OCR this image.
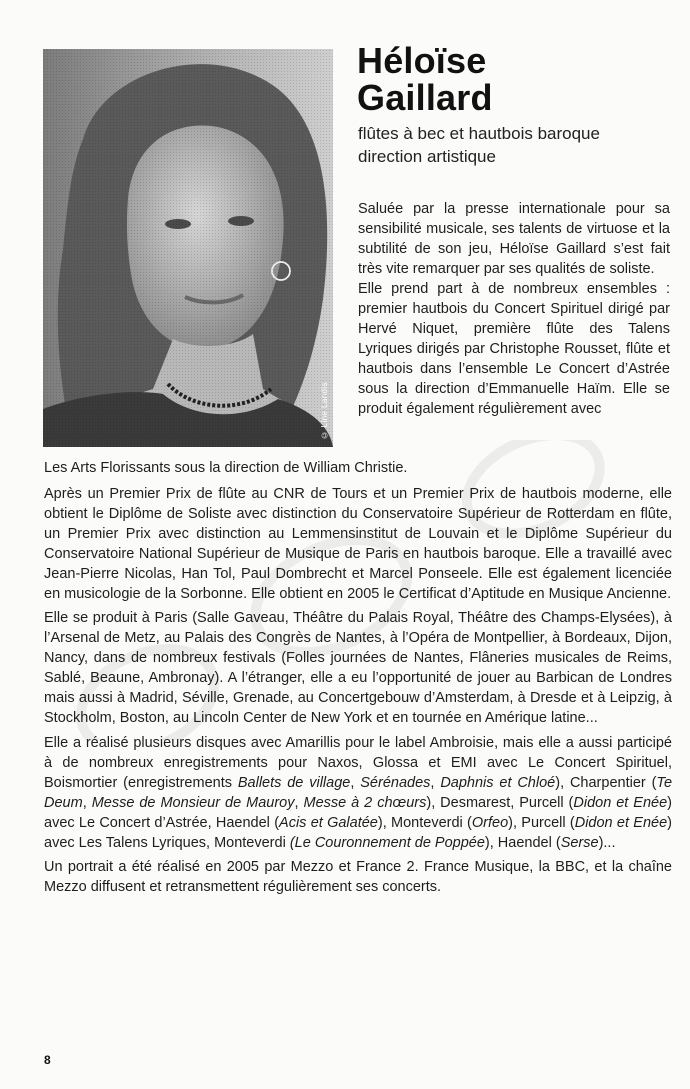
© Line Landis
Héloïse
Gaillard
flûtes à bec et hautbois baroque
direction artistique

Saluée par la presse internationale pour sa sensibilité musicale, ses talents de virtuose et la subtilité de son jeu, Héloïse Gaillard s’est fait très vite remarquer par ses qualités de soliste.

Elle prend part à de nombreux ensembles : premier hautbois du Concert Spirituel dirigé par Hervé Niquet, première flûte des Talens Lyriques dirigés par Christophe Rousset, flûte et hautbois dans l’ensemble Le Concert d’Astrée sous la direction d’Emmanuelle Haïm. Elle se produit également régulièrement avec

Les Arts Florissants sous la direction de William Christie.

Après un Premier Prix de flûte au CNR de Tours et un Premier Prix de hautbois moderne, elle obtient le Diplôme de Soliste avec distinction du Conservatoire Supérieur de Rotterdam en flûte, un Premier Prix avec distinction au Lemmensinstitut de Louvain et le Diplôme Supérieur du Conservatoire National Supérieur de Musique de Paris en hautbois baroque. Elle a travaillé avec Jean-Pierre Nicolas, Han Tol, Paul Dombrecht et Marcel Ponseele. Elle est également licenciée en musicologie de la Sorbonne. Elle obtient en 2005 le Certificat d’Aptitude en Musique Ancienne.

Elle se produit à Paris (Salle Gaveau, Théâtre du Palais Royal, Théâtre des Champs-Elysées), à l’Arsenal de Metz, au Palais des Congrès de Nantes, à l’Opéra de Montpellier, à Bordeaux, Dijon, Nancy, dans de nombreux festivals (Folles journées de Nantes, Flâneries musicales de Reims, Sablé, Beaune, Ambronay). A l’étranger, elle a eu l’opportunité de jouer au Barbican de Londres mais aussi à Madrid, Séville, Grenade, au Concertgebouw d’Amsterdam, à Dresde et à Leipzig, à Stockholm, Boston, au Lincoln Center de New York et en tournée en Amérique latine...

Elle a réalisé plusieurs disques avec Amarillis pour le label Ambroisie, mais elle a aussi participé à de nombreux enregistrements pour Naxos, Glossa et EMI avec Le Concert Spirituel, Boismortier (enregistrements Ballets de village, Sérénades, Daphnis et Chloé), Charpentier (Te Deum, Messe de Monsieur de Mauroy, Messe à 2 chœurs), Desmarest, Purcell (Didon et Enée) avec Le Concert d’Astrée, Haendel (Acis et Galatée), Monteverdi (Orfeo), Purcell (Didon et Enée) avec Les Talens Lyriques, Monteverdi (Le Couronnement de Poppée), Haendel (Serse)...

Un portrait a été réalisé en 2005 par Mezzo et France 2. France Musique, la BBC, et la chaîne Mezzo diffusent et retransmettent régulièrement ses concerts.

8
